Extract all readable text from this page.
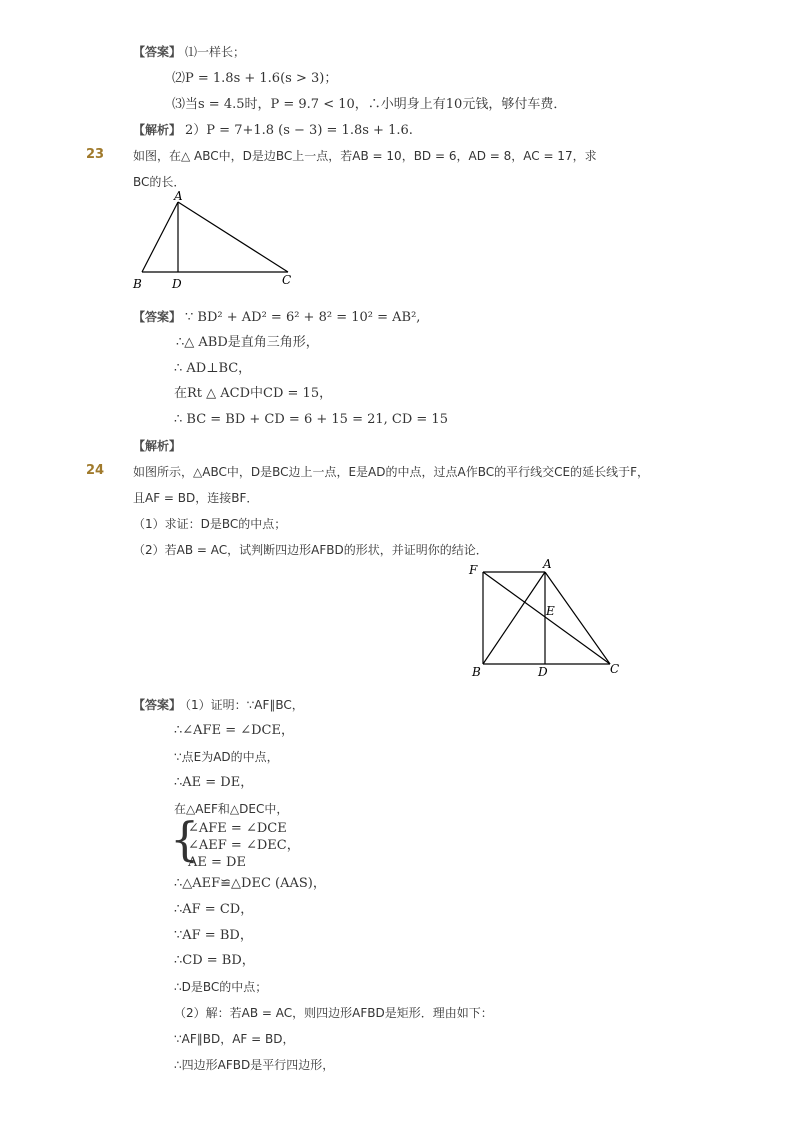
【答案】 ⑴一样长；
⑵P = 1.8s + 1.6(s > 3)；
⑶当s = 4.5时，P = 9.7 < 10，∴小明身上有10元钱，够付车费．
【解析】 2）P = 7+1.8 (s − 3) = 1.8s + 1.6.
23 如图，在△ ABC中，D是边BC上一点，若AB = 10，BD = 6，AD = 8，AC = 17，求
BC的长．
A
B	D	C
【答案】 ∵ BD² + AD² = 6² + 8² = 10² = AB²,
∴△ ABD是直角三角形，
∴ AD⊥BC，
在Rt △ ACD中CD = 15，
∴ BC = BD + CD = 6 + 15 = 21, CD = 15
【解析】
24 如图所示，△ABC中，D是BC边上一点，E是AD的中点，过点A作BC的平行线交CE的延长线于F，
且AF = BD，连接BF．
（1）求证：D是BC的中点；
（2）若AB = AC，试判断四边形AFBD的形状，并证明你的结论．
F	A
E
B	D	C
【答案】 （1）证明：∵AF∥BC，
∴∠AFE = ∠DCE，
∵点E为AD的中点，
∴AE = DE，
在△AEF和△DEC中，
{
∠AFE = ∠DCE
∠AEF = ∠DEC，
AE = DE
∴△AEF≌△DEC (AAS)，
∴AF = CD，
∵AF = BD，
∴CD = BD，
∴D是BC的中点；
（2）解：若AB = AC，则四边形AFBD是矩形．理由如下：
∵AF∥BD，AF = BD，
∴四边形AFBD是平行四边形，
